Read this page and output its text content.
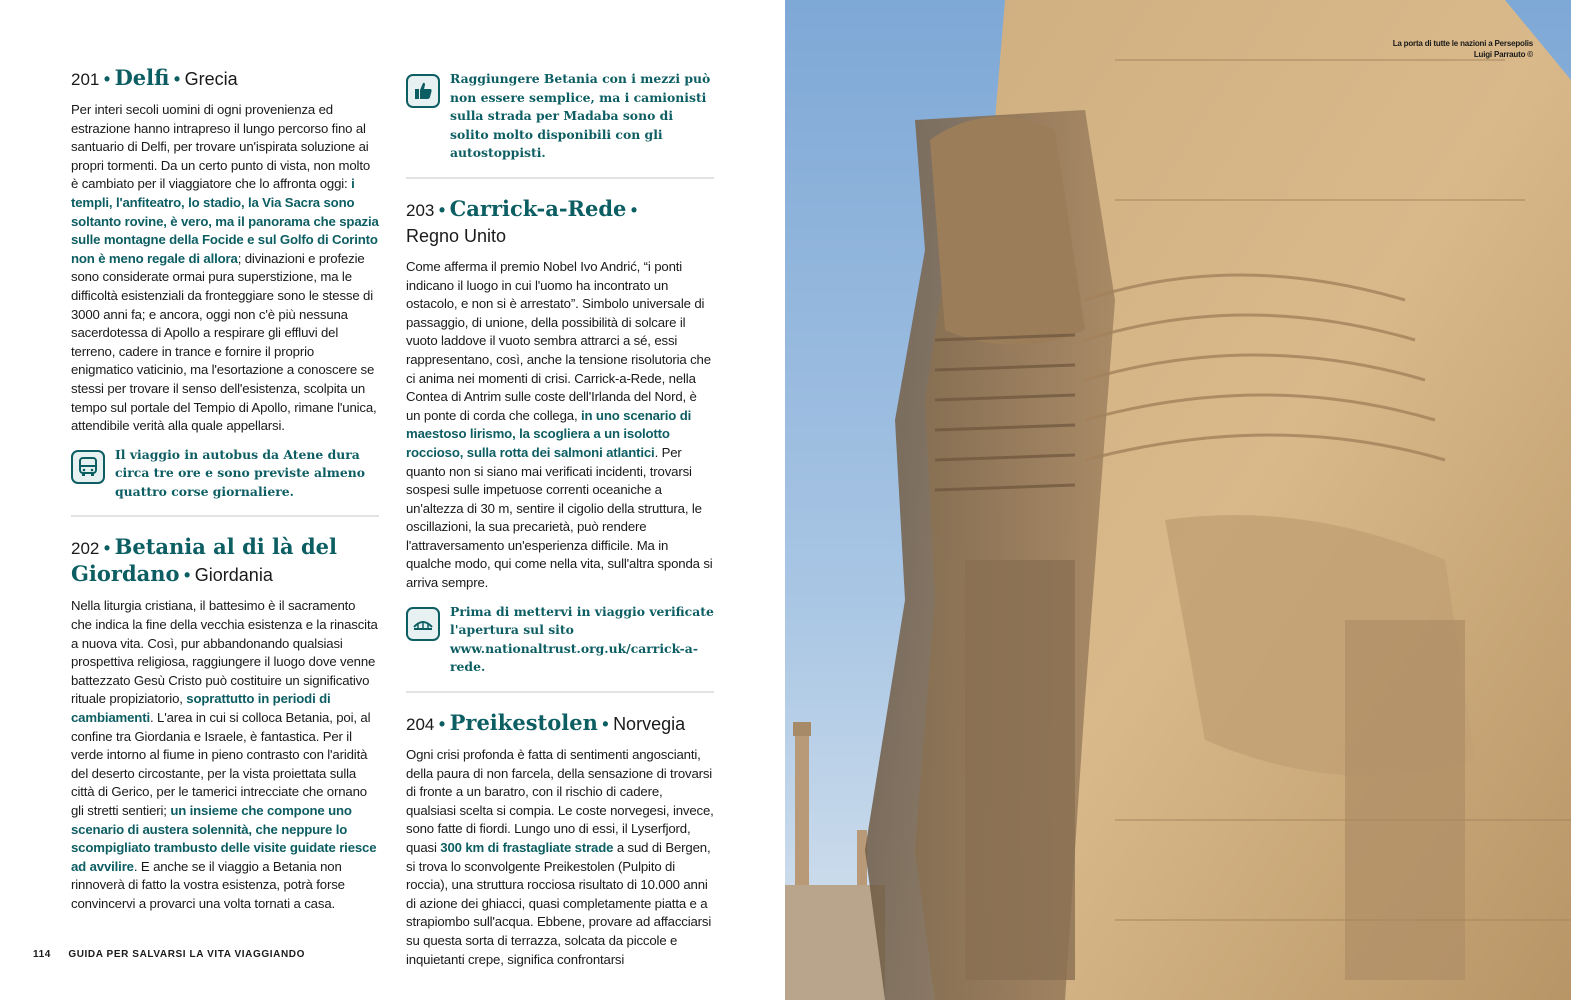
201 • Delfi • Grecia

Per interi secoli uomini di ogni provenienza ed estrazione hanno intrapreso il lungo percorso fino al santuario di Delfi, per trovare un'ispirata soluzione ai propri tormenti. Da un certo punto di vista, non molto è cambiato per il viaggiatore che lo affronta oggi: i templi, l'anfiteatro, lo stadio, la Via Sacra sono soltanto rovine, è vero, ma il panorama che spazia sulle montagne della Focide e sul Golfo di Corinto non è meno regale di allora; divinazioni e profezie sono considerate ormai pura superstizione, ma le difficoltà esistenziali da fronteggiare sono le stesse di 3000 anni fa; e ancora, oggi non c'è più nessuna sacerdotessa di Apollo a respirare gli effluvi del terreno, cadere in trance e fornire il proprio enigmatico vaticinio, ma l'esortazione a conoscere se stessi per trovare il senso dell'esistenza, scolpita un tempo sul portale del Tempio di Apollo, rimane l'unica, attendibile verità alla quale appellarsi.

Il viaggio in autobus da Atene dura circa tre ore e sono previste almeno quattro corse giornaliere.
202 • Betania al di là del Giordano • Giordania

Nella liturgia cristiana, il battesimo è il sacramento che indica la fine della vecchia esistenza e la rinascita a nuova vita. Così, pur abbandonando qualsiasi prospettiva religiosa, raggiungere il luogo dove venne battezzato Gesù Cristo può costituire un significativo rituale propiziatorio, soprattutto in periodi di cambiamenti. L'area in cui si colloca Betania, poi, al confine tra Giordania e Israele, è fantastica. Per il verde intorno al fiume in pieno contrasto con l'aridità del deserto circostante, per la vista proiettata sulla città di Gerico, per le tamerici intrecciate che ornano gli stretti sentieri; un insieme che compone uno scenario di austera solennità, che neppure lo scompigliato trambusto delle visite guidate riesce ad avvilire. E anche se il viaggio a Betania non rinnoverà di fatto la vostra esistenza, potrà forse convincervi a provarci una volta tornati a casa.

Raggiungere Betania con i mezzi può non essere semplice, ma i camionisti sulla strada per Madaba sono di solito molto disponibili con gli autostoppisti.
203 • Carrick-a-Rede •
Regno Unito

Come afferma il premio Nobel Ivo Andrić, “i ponti indicano il luogo in cui l'uomo ha incontrato un ostacolo, e non si è arrestato”. Simbolo universale di passaggio, di unione, della possibilità di solcare il vuoto laddove il vuoto sembra attrarci a sé, essi rappresentano, così, anche la tensione risolutoria che ci anima nei momenti di crisi. Carrick-a-Rede, nella Contea di Antrim sulle coste dell'Irlanda del Nord, è un ponte di corda che collega, in uno scenario di maestoso lirismo, la scogliera a un isolotto roccioso, sulla rotta dei salmoni atlantici. Per quanto non si siano mai verificati incidenti, trovarsi sospesi sulle impetuose correnti oceaniche a un'altezza di 30 m, sentire il cigolio della struttura, le oscillazioni, la sua precarietà, può rendere l'attraversamento un'esperienza difficile. Ma in qualche modo, qui come nella vita, sull'altra sponda si arriva sempre.

Prima di mettervi in viaggio verificate l'apertura sul sito www.nationaltrust.org.uk/carrick-a-rede.
204 • Preikestolen • Norvegia

Ogni crisi profonda è fatta di sentimenti angoscianti, della paura di non farcela, della sensazione di trovarsi di fronte a un baratro, con il rischio di cadere, qualsiasi scelta si compia. Le coste norvegesi, invece, sono fatte di fiordi. Lungo uno di essi, il Lyserfjord, quasi 300 km di frastagliate strade a sud di Bergen, si trova lo sconvolgente Preikestolen (Pulpito di roccia), una struttura rocciosa risultato di 10.000 anni di azione dei ghiacci, quasi completamente piatta e a strapiombo sull'acqua. Ebbene, provare ad affacciarsi su questa sorta di terrazza, solcata da piccole e inquietanti crepe, significa confrontarsi

114 GUIDA PER SALVARSI LA VITA VIAGGIANDO
La porta di tutte le nazioni a Persepolis
Luigi Parrauto ©
